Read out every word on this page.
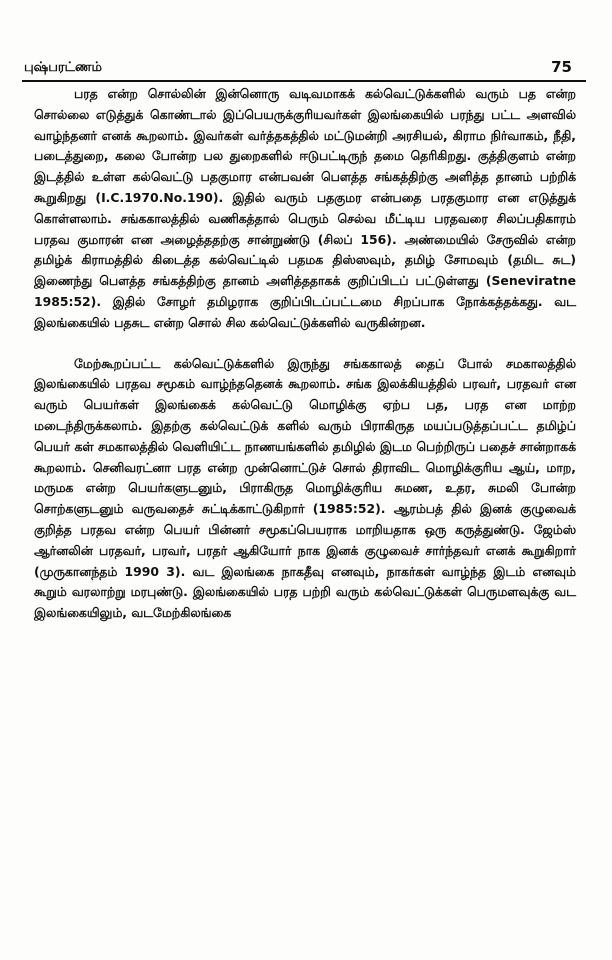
புஷ்பரட்ணம்	75

பரத என்ற சொல்லின் இன்னொரு வடிவமாகக் கல்வெட்டுக்களில் வரும் பத என்ற சொல்லை எடுத்துக் கொண்டால் இப்பெயருக்குரியவர்கள் இலங்கையில் பரந்து பட்ட அளவில் வாழ்ந்தனர் எனக் கூறலாம். இவர்கள் வர்த்தகத்தில் மட்டுமன்றி அரசியல், கிராம நிர்வாகம், நீதி, படைத்துறை, கலை போன்ற பல துறைகளில் ஈடுபட்டிருந் தமை தெரிகிறது. குத்திகுளம் என்ற இடத்தில் உள்ள கல்வெட்டு பதகுமார என்பவன் பௌத்த சங்கத்திற்கு அளித்த தானம் பற்றிக் கூறுகிறது (I.C.1970.No.190). இதில் வரும் பதகுமர என்பதை பரதகுமார என எடுத்துக் கொள்ளலாம். சங்ககாலத்தில் வணிகத்தால் பெரும் செல்வ மீட்டிய பரதவரை சிலப்பதிகாரம் பரதவ குமாரன் என அழைத்ததற்கு சான்றுண்டு (சிலப் 156). அண்மையில் சேருவில் என்ற தமிழ்க் கிராமத்தில் கிடைத்த கல்வெட்டில் பதமக திஸ்ஸவும், தமிழ் சோமவும் (தமிட சுட) இணைந்து பௌத்த சங்கத்திற்கு தானம் அளித்ததாகக் குறிப்பிடப் பட்டுள்ளது (Seneviratne 1985:52). இதில் சோழர் தமிழராக குறிப்பிடப்பட்டமை சிறப்பாக நோக்கத்தக்கது. வட இலங்கையில் பதசுட என்ற சொல் சில கல்வெட்டுக்களில் வருகின்றன.

மேற்கூறப்பட்ட கல்வெட்டுக்களில் இருந்து சங்ககாலத் தைப் போல் சமகாலத்தில் இலங்கையில் பரதவ சமூகம் வாழ்ந்ததெனக் கூறலாம். சங்க இலக்கியத்தில் பரவர், பரதவர் என வரும் பெயர்கள் இலங்கைக் கல்வெட்டு மொழிக்கு ஏற்ப பத, பரத என மாற்ற மடைந்திருக்கலாம். இதற்கு கல்வெட்டுக் களில் வரும் பிராகிருத மயப்படுத்தப்பட்ட தமிழ்ப் பெயர் கள் சமகாலத்தில் வெளியிட்ட நாணயங்களில் தமிழில் இடம பெற்றிருப் பதைச் சான்றாகக் கூறலாம். செனிவரட்னா பரத என்ற முன்னொட்டுச் சொல் திராவிட மொழிக்குரிய ஆய், மாற, மருமக என்ற பெயர்களுடனும், பிராகிருத மொழிக்குரிய சுமண, உதர, சுமலி போன்ற சொற்களுடனும் வருவதைச் சுட்டிக்காட்டுகிறார் (1985:52). ஆரம்பத் தில் இனக் குழுவைக் குறித்த பரதவ என்ற பெயர் பின்னர் சமூகப்பெயராக மாறியதாக ஒரு கருத்துண்டு. ஜேம்ஸ் ஆர்னலின் பரதவர், பரவர், பரதர் ஆகியோர் நாக இனக் குழுவைச் சார்ந்தவர் எனக் கூறுகிறார் (முருகானந்தம் 1990 3). வட இலங்கை நாகதீவு எனவும், நாகர்கள் வாழ்ந்த இடம் எனவும் கூறும் வரலாற்று மரபுண்டு. இலங்கையில் பரத பற்றி வரும் கல்வெட்டுக்கள் பெருமளவுக்கு வட இலங்கையிலும், வடமேற்கிலங்கை
